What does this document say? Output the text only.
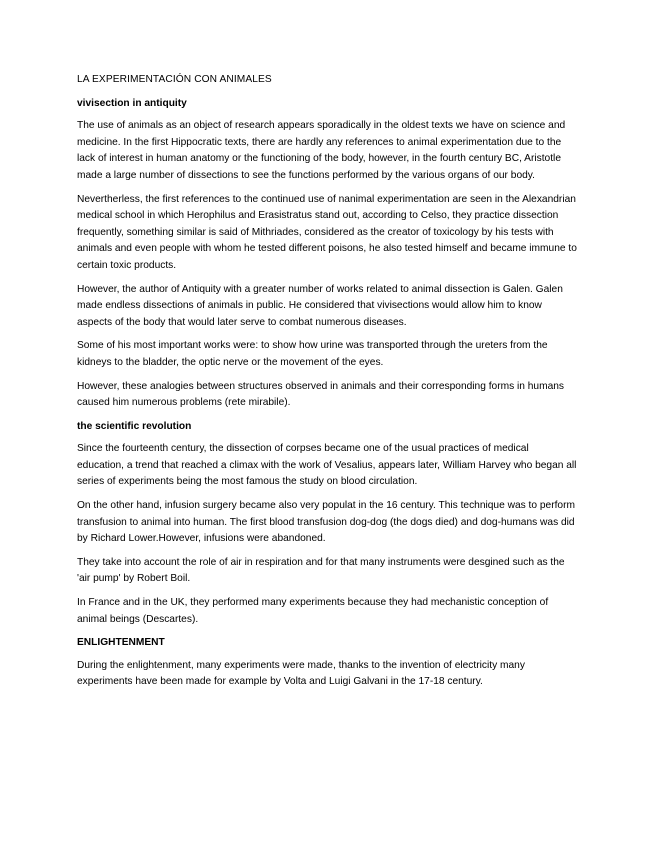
LA EXPERIMENTACIÓN CON ANIMALES
vivisection in antiquity

The use of animals as an object of research appears sporadically in the oldest texts we have on science and medicine. In the first Hippocratic texts, there are hardly any references to animal experimentation due to the lack of interest in human anatomy or the functioning of the body, however, in the fourth century BC, Aristotle made a large number of dissections to see the functions performed by the various organs of our body.

Nevertherless, the first references to the continued use of nanimal experimentation are seen in the Alexandrian medical school in which Herophilus and Erasistratus stand out, according to Celso, they practice dissection frequently, something similar is said of Mithriades, considered as the creator of toxicology by his tests with animals and even people with whom he tested different poisons, he also tested himself and became immune to certain toxic products.

However, the author of Antiquity with a greater number of works related to animal dissection is Galen. Galen made endless dissections of animals in public. He considered that vivisections would allow him to know aspects of the body that would later serve to combat numerous diseases.

Some of his most important works were: to show how urine was transported through the ureters from the kidneys to the bladder, the optic nerve or the movement of the eyes.

However, these analogies between structures observed in animals and their corresponding forms in humans caused him numerous problems (rete mirabile).

the scientific revolution

Since the fourteenth century, the dissection of corpses became one of the usual practices of medical education, a trend that reached a climax with the work of Vesalius, appears later, William Harvey who began all series of experiments being the most famous the study on blood circulation.

On the other hand, infusion surgery became also very populat in the 16 century. This technique was to perform transfusion to animal into human. The first blood transfusion dog-dog (the dogs died) and dog-humans was did by Richard Lower.However, infusions were abandoned.

They take into account the role of air in respiration and for that many instruments were desgined such as the 'air pump' by Robert Boil.

In France and in the UK, they performed many experiments because they had mechanistic conception of animal beings (Descartes).

ENLIGHTENMENT

During the enlightenment, many experiments were made, thanks to the invention of electricity many experiments have been made for example by Volta and Luigi Galvani in the 17-18 century.
